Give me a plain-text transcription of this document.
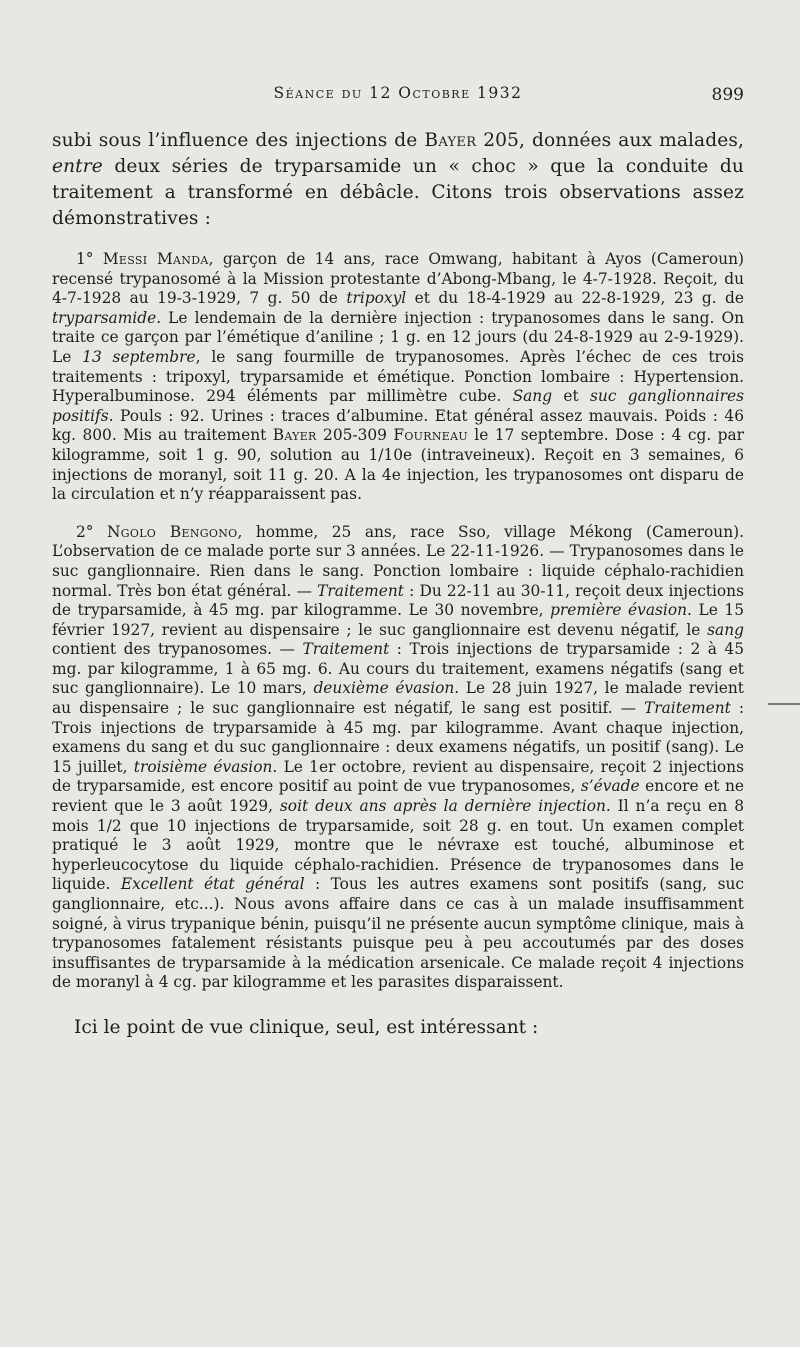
Séance du 12 Octobre 1932	899

subi sous l’influence des injections de Bayer 205, données aux malades, entre deux séries de tryparsamide un « choc » que la conduite du traitement a transformé en débâcle. Citons trois observations assez démonstratives :

1° Messi Manda, garçon de 14 ans, race Omwang, habitant à Ayos (Cameroun) recensé trypanosomé à la Mission protestante d’Abong-Mbang, le 4-7-1928. Reçoit, du 4-7-1928 au 19-3-1929, 7 g. 50 de tripoxyl et du 18-4-1929 au 22-8-1929, 23 g. de tryparsamide. Le lendemain de la dernière injection : trypanosomes dans le sang. On traite ce garçon par l’émétique d’aniline ; 1 g. en 12 jours (du 24-8-1929 au 2-9-1929). Le 13 septembre, le sang fourmille de trypanosomes. Après l’échec de ces trois traitements : tripoxyl, tryparsamide et émétique. Ponction lombaire : Hypertension. Hyperalbuminose. 294 éléments par millimètre cube. Sang et suc ganglionnaires positifs. Pouls : 92. Urines : traces d’albumine. Etat général assez mauvais. Poids : 46 kg. 800. Mis au traitement Bayer 205-309 Fourneau le 17 septembre. Dose : 4 cg. par kilogramme, soit 1 g. 90, solution au 1/10e (intraveineux). Reçoit en 3 semaines, 6 injections de moranyl, soit 11 g. 20. A la 4e injection, les trypanosomes ont disparu de la circulation et n’y réapparaissent pas.

2° Ngolo Bengono, homme, 25 ans, race Sso, village Mékong (Cameroun). L’observation de ce malade porte sur 3 années. Le 22-11-1926. — Trypanosomes dans le suc ganglionnaire. Rien dans le sang. Ponction lombaire : liquide céphalo-rachidien normal. Très bon état général. — Traitement : Du 22-11 au 30-11, reçoit deux injections de tryparsamide, à 45 mg. par kilogramme. Le 30 novembre, première évasion. Le 15 février 1927, revient au dispensaire ; le suc ganglionnaire est devenu négatif, le sang contient des trypanosomes. — Traitement : Trois injections de tryparsamide : 2 à 45 mg. par kilogramme, 1 à 65 mg. 6. Au cours du traitement, examens négatifs (sang et suc ganglionnaire). Le 10 mars, deuxième évasion. Le 28 juin 1927, le malade revient au dispensaire ; le suc ganglionnaire est négatif, le sang est positif. — Traitement : Trois injections de tryparsamide à 45 mg. par kilogramme. Avant chaque injection, examens du sang et du suc ganglionnaire : deux examens négatifs, un positif (sang). Le 15 juillet, troisième évasion. Le 1er octobre, revient au dispensaire, reçoit 2 injections de tryparsamide, est encore positif au point de vue trypanosomes, s’évade encore et ne revient que le 3 août 1929, soit deux ans après la dernière injection. Il n’a reçu en 8 mois 1/2 que 10 injections de tryparsamide, soit 28 g. en tout. Un examen complet pratiqué le 3 août 1929, montre que le névraxe est touché, albuminose et hyperleucocytose du liquide céphalo-rachidien. Présence de trypanosomes dans le liquide. Excellent état général : Tous les autres examens sont positifs (sang, suc ganglionnaire, etc...). Nous avons affaire dans ce cas à un malade insuffisamment soigné, à virus trypanique bénin, puisqu’il ne présente aucun symptôme clinique, mais à trypanosomes fatalement résistants puisque peu à peu accoutumés par des doses insuffisantes de tryparsamide à la médication arsenicale. Ce malade reçoit 4 injections de moranyl à 4 cg. par kilogramme et les parasites disparaissent.

Ici le point de vue clinique, seul, est intéressant :
